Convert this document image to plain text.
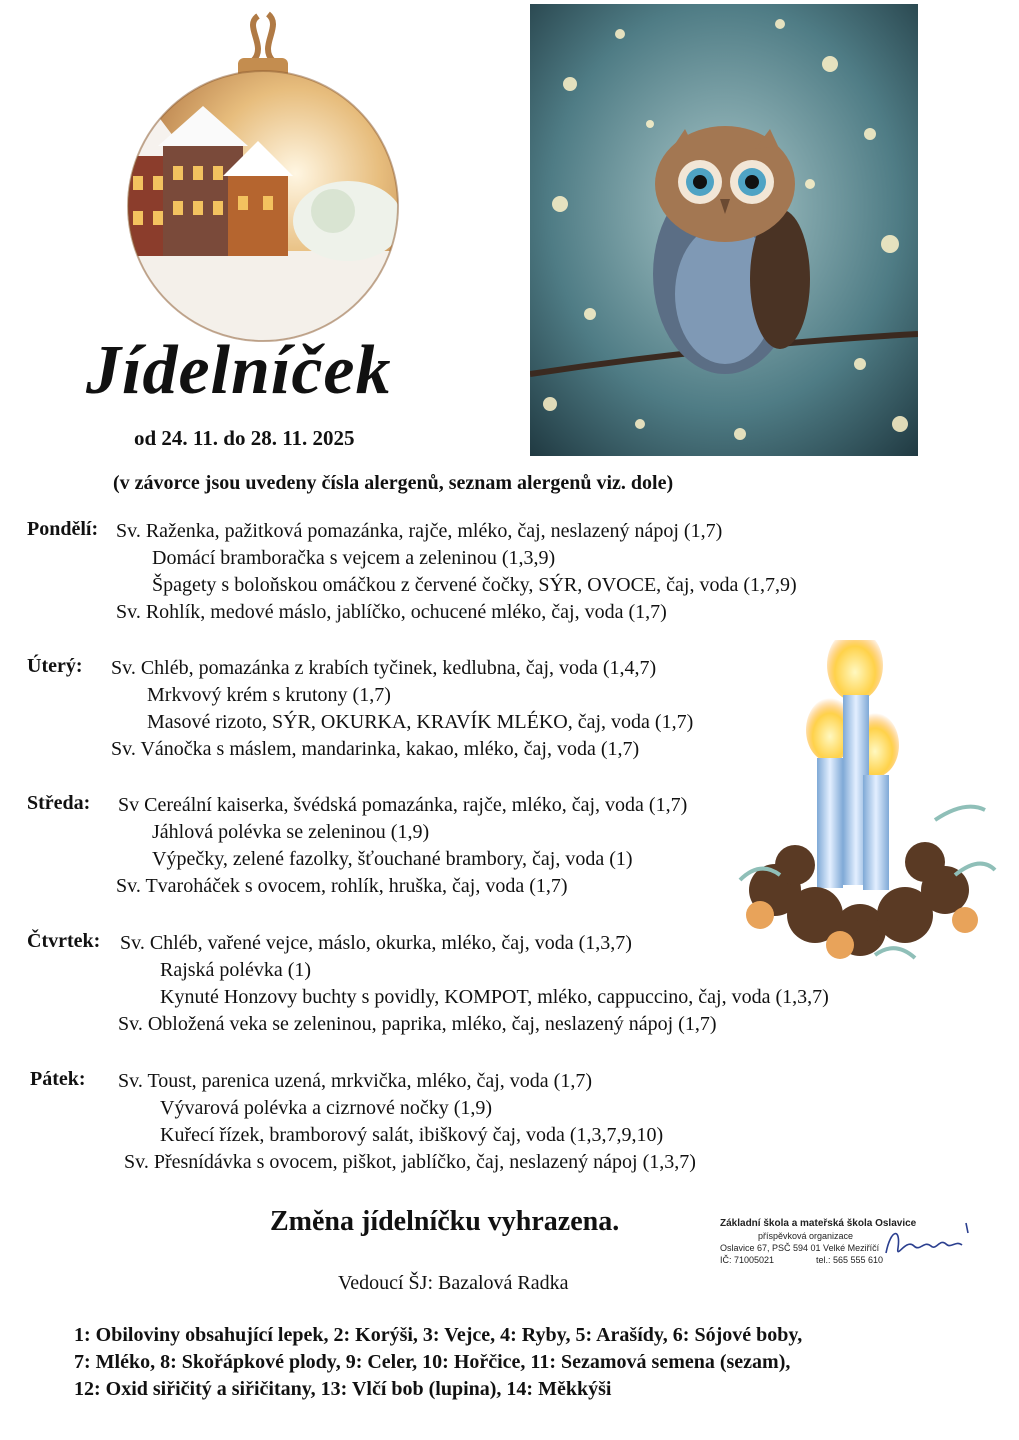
Jídelníček
od 24. 11. do 28. 11. 2025
(v závorce jsou uvedeny čísla alergenů, seznam alergenů viz. dole)
Pondělí: Sv. Raženka, pažitková pomazánka, rajče, mléko, čaj, neslazený nápoj (1,7)
Domácí bramboračka s vejcem a zeleninou (1,3,9)
Špagety s boloňskou omáčkou z červené čočky, SÝR, OVOCE, čaj, voda (1,7,9)
Sv. Rohlík, medové máslo, jablíčko, ochucené mléko, čaj, voda (1,7)
Úterý: Sv. Chléb, pomazánka z krabích tyčinek, kedlubna, čaj, voda (1,4,7)
Mrkvový krém s krutony (1,7)
Masové rizoto, SÝR, OKURKA, KRAVÍK MLÉKO, čaj, voda (1,7)
Sv. Vánočka s máslem, mandarinka, kakao, mléko, čaj, voda (1,7)
Středa: Sv Cereální kaiserka, švédská pomazánka, rajče, mléko, čaj, voda (1,7)
Jáhlová polévka se zeleninou (1,9)
Výpečky, zelené fazolky, šťouchané brambory, čaj, voda (1)
Sv. Tvaroháček s ovocem, rohlík, hruška, čaj, voda (1,7)
Čtvrtek: Sv. Chléb, vařené vejce, máslo, okurka, mléko, čaj, voda (1,3,7)
Rajská polévka (1)
Kynuté Honzovy buchty s povidly, KOMPOT, mléko, cappuccino, čaj, voda (1,3,7)
Sv. Obložená veka se zeleninou, paprika, mléko, čaj, neslazený nápoj (1,7)
Pátek: Sv. Toust, parenica uzená, mrkvička, mléko, čaj, voda (1,7)
Vývarová polévka a cizrnové nočky (1,9)
Kuřecí řízek, bramborový salát, ibiškový čaj, voda (1,3,7,9,10)
Sv. Přesnídávka s ovocem, piškot, jablíčko, čaj, neslazený nápoj (1,3,7)
Změna jídelníčku vyhrazena.	Základní škola a mateřská škola Oslavice
příspěvková organizace
Oslavice 67, PSČ 594 01 Velké Meziříčí
IČ: 71005021	tel.: 565 555 610
Vedoucí ŠJ: Bazalová Radka
1: Obiloviny obsahující lepek, 2: Korýši, 3: Vejce, 4: Ryby, 5: Arašídy, 6: Sójové boby,
7: Mléko, 8: Skořápkové plody, 9: Celer, 10: Hořčice, 11: Sezamová semena (sezam),
12: Oxid siřičitý a siřičitany, 13: Vlčí bob (lupina), 14: Měkkýši
